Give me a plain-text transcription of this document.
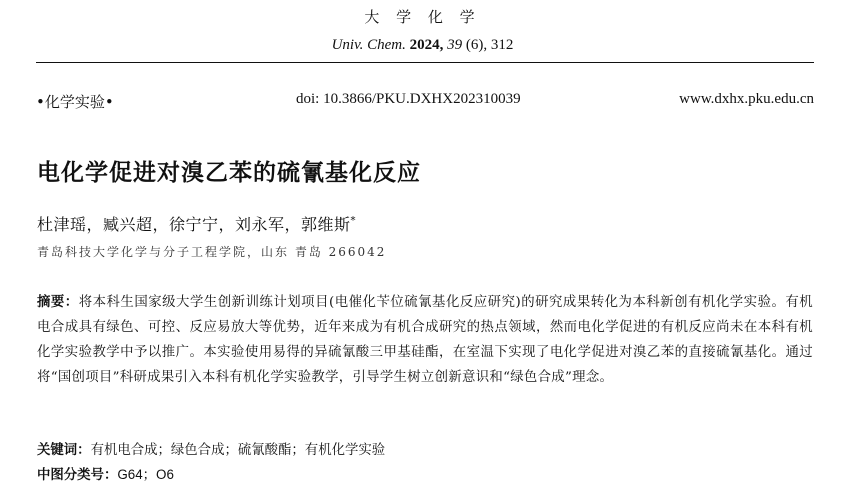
大 学 化 学
Univ. Chem. 2024, 39 (6), 312
•化学实验•	doi: 10.3866/PKU.DXHX202310039	www.dxhx.pku.edu.cn
电化学促进对溴乙苯的硫氰基化反应
杜津瑶，臧兴超，徐宁宁，刘永军，郭维斯*
青岛科技大学化学与分子工程学院，山东 青岛 266042
摘要：将本科生国家级大学生创新训练计划项目(电催化苄位硫氰基化反应研究)的研究成果转化为本科新创有机化学实验。有机电合成具有绿色、可控、反应易放大等优势，近年来成为有机合成研究的热点领域，然而电化学促进的有机反应尚未在本科有机化学实验教学中予以推广。本实验使用易得的异硫氰酸三甲基硅酯，在室温下实现了电化学促进对溴乙苯的直接硫氰基化。通过将“国创项目”科研成果引入本科有机化学实验教学，引导学生树立创新意识和“绿色合成”理念。
关键词：有机电合成；绿色合成；硫氰酸酯；有机化学实验
中图分类号：G64；O6
